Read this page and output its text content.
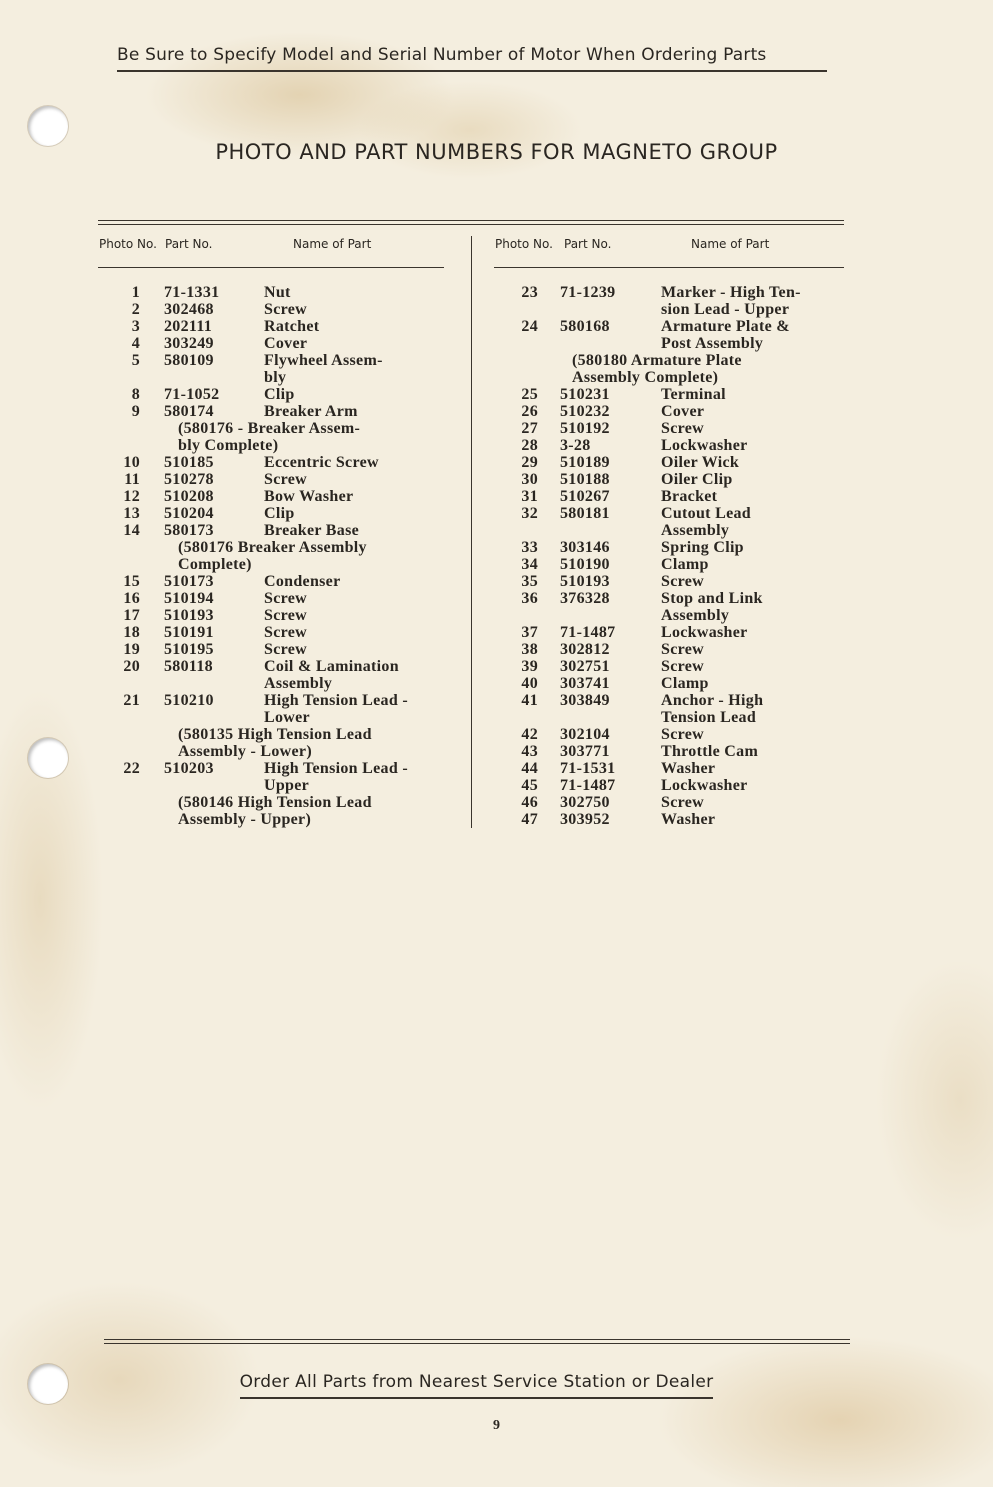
Be Sure to Specify Model and Serial Number of Motor When Ordering Parts
PHOTO AND PART NUMBERS FOR MAGNETO GROUP
Photo No. Part No.	Name of Part	Photo No. Part No.	Name of Part
1 71-1331	Nut
2 302468	Screw
3 202111	Ratchet
4 303249	Cover
5 580109	Flywheel Assem-
bly
8 71-1052	Clip
9 580174	Breaker Arm
(580176 - Breaker Assem-
bly Complete)
10 510185	Eccentric Screw
11 510278	Screw
12 510208	Bow Washer
13 510204	Clip
14 580173	Breaker Base
(580176 Breaker Assembly
Complete)
15 510173	Condenser
16 510194	Screw
17 510193	Screw
18 510191	Screw
19 510195	Screw
20 580118	Coil & Lamination
Assembly
21 510210	High Tension Lead -
Lower
(580135 High Tension Lead
Assembly - Lower)
22 510203	High Tension Lead -
Upper
(580146 High Tension Lead
Assembly - Upper)
23 71-1239	Marker - High Ten-
sion Lead - Upper
24 580168	Armature Plate &
Post Assembly
(580180 Armature Plate
Assembly Complete)
25 510231	Terminal
26 510232	Cover
27 510192	Screw
28 3-28	Lockwasher
29 510189	Oiler Wick
30 510188	Oiler Clip
31 510267	Bracket
32 580181	Cutout Lead
Assembly
33 303146	Spring Clip
34 510190	Clamp
35 510193	Screw
36 376328	Stop and Link
Assembly
37 71-1487	Lockwasher
38 302812	Screw
39 302751	Screw
40 303741	Clamp
41 303849	Anchor - High
Tension Lead
42 302104	Screw
43 303771	Throttle Cam
44 71-1531	Washer
45 71-1487	Lockwasher
46 302750	Screw
47 303952	Washer
Order All Parts from Nearest Service Station or Dealer
9
